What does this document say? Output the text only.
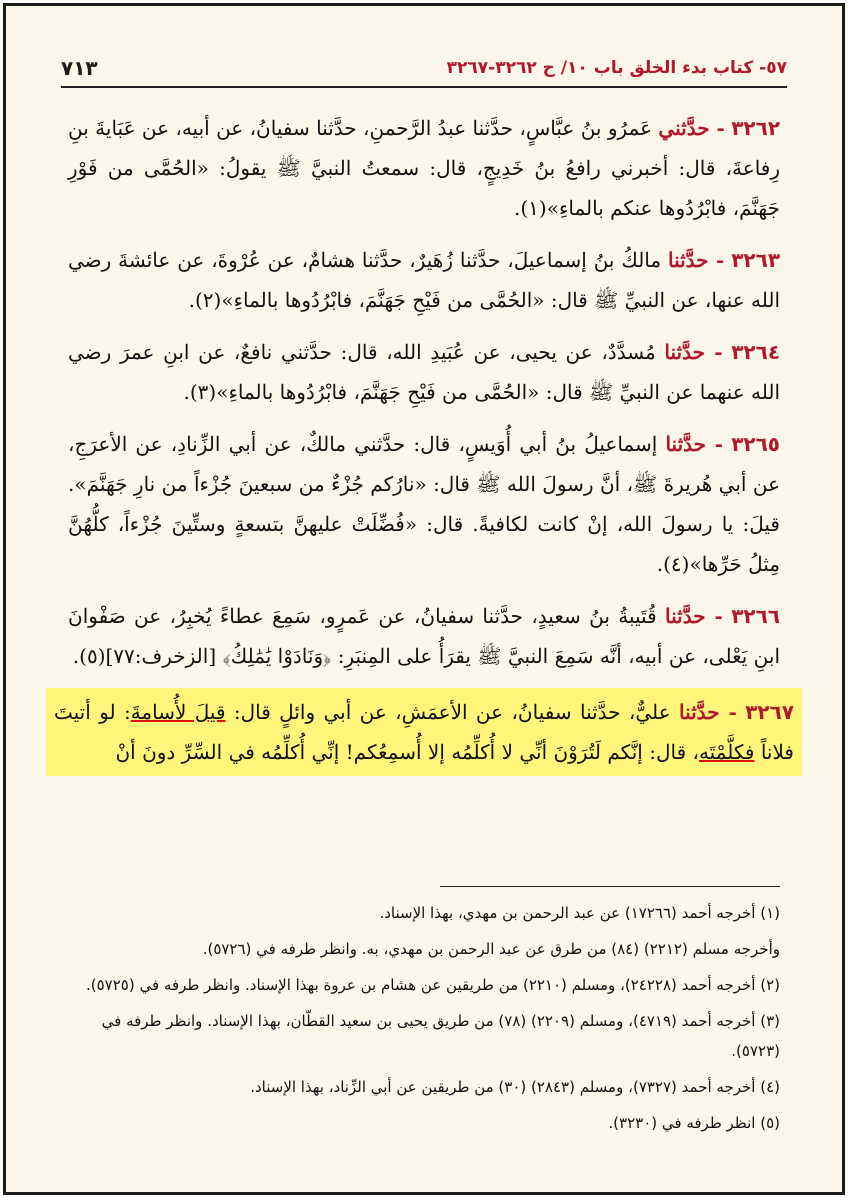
٥٧- كتاب بدء الخلق باب ١٠/ ح ٣٢٦٢-٣٢٦٧
٧١٣

٣٢٦٢ - حدَّثني عَمرُو بنُ عبَّاسٍ، حدَّثنا عبدُ الرَّحمنِ، حدَّثنا سفيانُ، عن أبيه، عن عَبَايةَ بنِ رِفاعةَ، قال: أخبرني رافعُ بنُ خَدِيجٍ، قال: سمعتُ النبيَّ ﷺ يقولُ: «الحُمَّى من فَوْرِ جَهَنَّمَ، فابْرُدُوها عنكم بالماءِ»(١).

٣٢٦٣ - حدَّثنا مالكُ بنُ إسماعيلَ، حدَّثنا زُهَيرٌ، حدَّثنا هشامٌ، عن عُرْوةَ، عن عائشةَ رضي الله عنها، عن النبيِّ ﷺ قال: «الحُمَّى من فَيْحِ جَهَنَّمَ، فابْرُدُوها بالماءِ»(٢).

٣٢٦٤ - حدَّثنا مُسدَّدٌ، عن يحيى، عن عُبَيدِ الله، قال: حدَّثني نافعٌ، عن ابنِ عمرَ رضي الله عنهما عن النبيِّ ﷺ قال: «الحُمَّى من فَيْحِ جَهَنَّمَ، فابْرُدُوها بالماءِ»(٣).

٣٢٦٥ - حدَّثنا إسماعيلُ بنُ أبي أُوَيسٍ، قال: حدَّثني مالكٌ، عن أبي الزِّنادِ، عن الأعرَجِ، عن أبي هُريرةَ ﷺ، أنَّ رسولَ الله ﷺ قال: «نارُكم جُزْءٌ من سبعينَ جُزْءاً من نارِ جَهَنَّمَ». قيلَ: يا رسولَ الله، إنْ كانت لكافيةً. قال: «فُضِّلَتْ عليهنَّ بتسعةٍ وستِّينَ جُزْءاً، كلُّهُنَّ مِثلُ حَرِّها»(٤).

٣٢٦٦ - حدَّثنا قُتَيبةُ بنُ سعيدٍ، حدَّثنا سفيانُ، عن عَمرٍو، سَمِعَ عطاءً يُخبِرُ، عن صَفْوانَ ابنِ يَعْلى، عن أبيه، أنَّه سَمِعَ النبيَّ ﷺ يقرَأُ على المِنبَرِ: ﴿وَنَادَوْا يَٰمَٰلِكُ﴾ [الزخرف:٧٧](٥).

٣٢٦٧ - حدَّثنا عليٌّ، حدَّثنا سفيانُ، عن الأعمَشِ، عن أبي وائلٍ قال: قيلَ لأُسامةَ: لو أتيتَ فلاناً فكلَّمْتَه، قال: إنَّكم لَتُرَوْنَ أنِّي لا أُكلِّمُه إلا أُسمِعُكم! إنِّي أُكلِّمُه في السِّرِّ دونَ أنْ

(١) أخرجه أحمد (١٧٢٦٦) عن عبد الرحمن بن مهدي، بهذا الإسناد.

وأخرجه مسلم (٢٢١٢) (٨٤) من طرق عن عبد الرحمن بن مهدي، به. وانظر طرفه في (٥٧٢٦).

(٢) أخرجه أحمد (٢٤٢٢٨)، ومسلم (٢٢١٠) من طريقين عن هشام بن عروة بهذا الإسناد. وانظر طرفه في (٥٧٢٥).

(٣) أخرجه أحمد (٤٧١٩)، ومسلم (٢٢٠٩) (٧٨) من طريق يحيى بن سعيد القطّان، بهذا الإسناد. وانظر طرفه في (٥٧٢٣).

(٤) أخرجه أحمد (٧٣٢٧)، ومسلم (٢٨٤٣) (٣٠) من طريقين عن أبي الزِّناد، بهذا الإسناد.

(٥) انظر طرفه في (٣٢٣٠).
